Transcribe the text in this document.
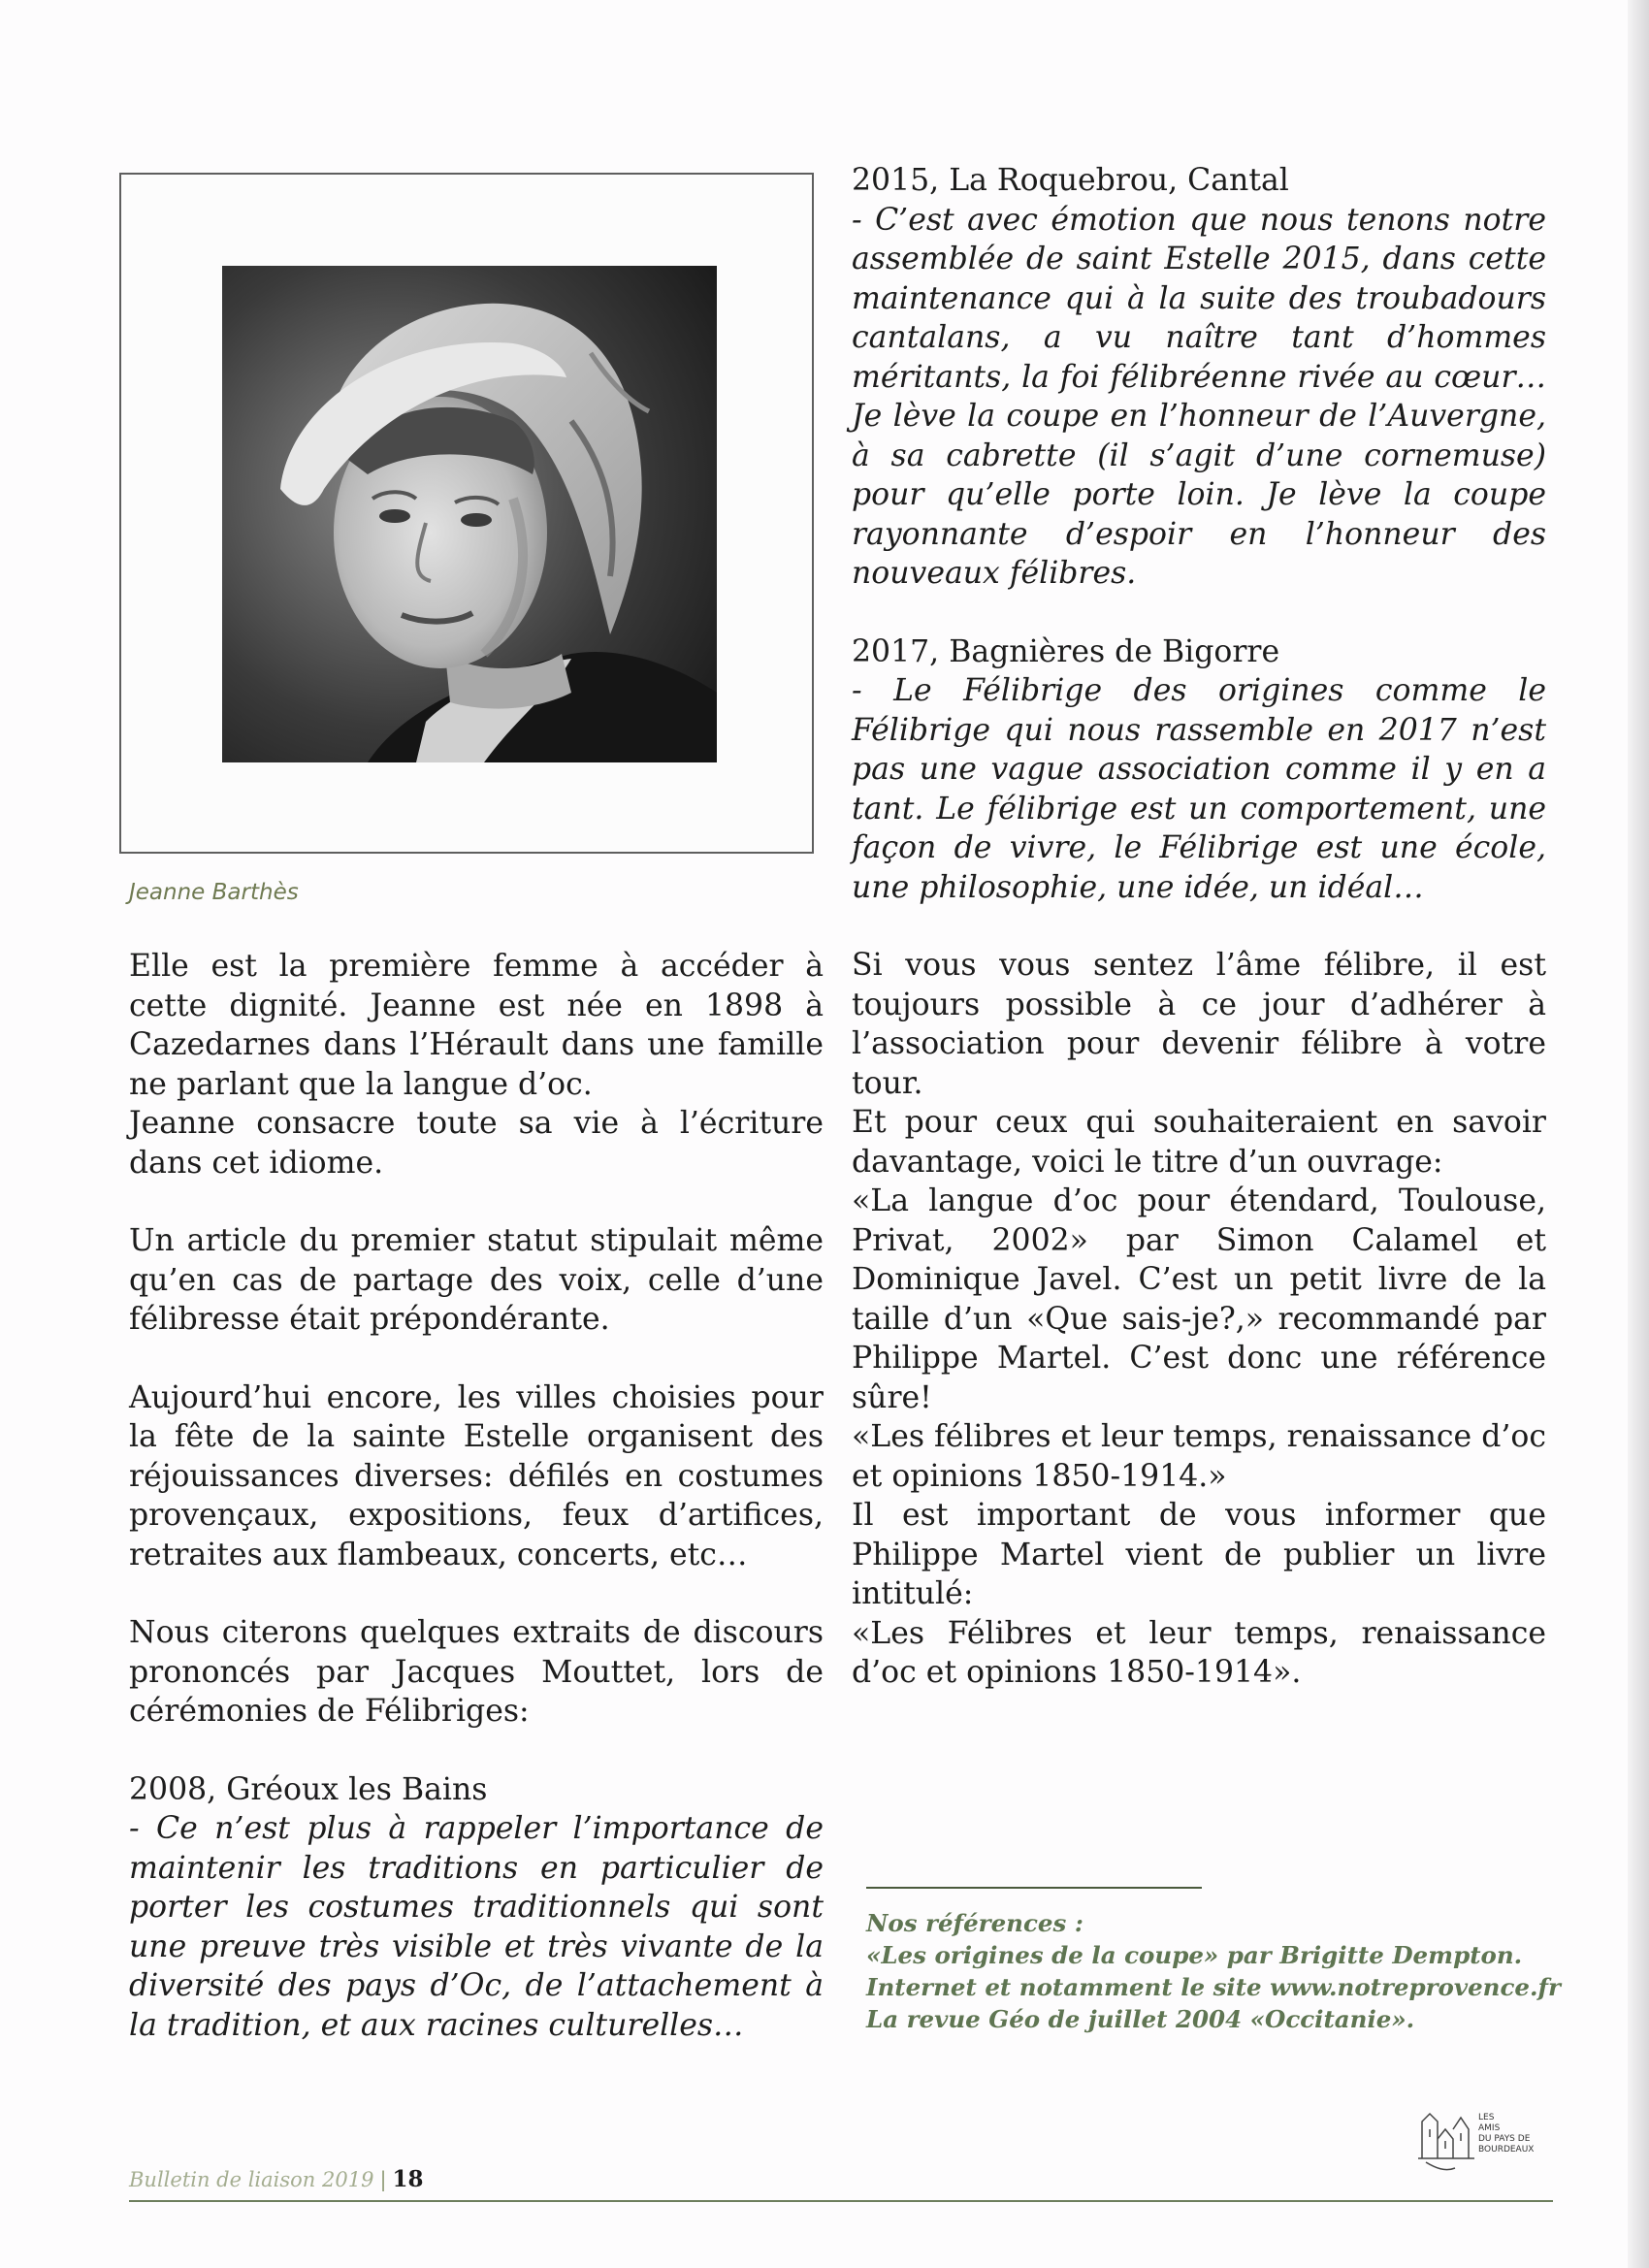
Jeanne Barthès

Elle est la première femme à accéder à cette dignité. Jeanne est née en 1898 à Cazedarnes dans l’Hérault dans une famille ne parlant que la langue d’oc.

Jeanne consacre toute sa vie à l’écriture dans cet idiome.

Un article du premier statut stipulait même qu’en cas de partage des voix, celle d’une félibresse était prépondérante.

Aujourd’hui encore, les villes choisies pour la fête de la sainte Estelle organisent des réjouissances diverses: défilés en costumes provençaux, expositions, feux d’artifices, retraites aux flambeaux, concerts, etc…

Nous citerons quelques extraits de discours prononcés par Jacques Mouttet, lors de cérémonies de Félibriges:

2008, Gréoux les Bains

- Ce n’est plus à rappeler l’importance de maintenir les traditions en particulier de porter les costumes traditionnels qui sont une preuve très visible et très vivante de la diversité des pays d’Oc, de l’attachement à la tradition, et aux racines culturelles…

2015, La Roquebrou, Cantal

- C’est avec émotion que nous tenons notre assemblée de saint Estelle 2015, dans cette maintenance qui à la suite des troubadours cantalans, a vu naître tant d’hommes méritants, la foi félibréenne rivée au cœur… Je lève la coupe en l’honneur de l’Auvergne, à sa cabrette (il s’agit d’une cornemuse) pour qu’elle porte loin. Je lève la coupe rayonnante d’espoir en l’honneur des nouveaux félibres.

2017, Bagnières de Bigorre

- Le Félibrige des origines comme le Félibrige qui nous rassemble en 2017 n’est pas une vague association comme il y en a tant. Le félibrige est un comportement, une façon de vivre, le Félibrige est une école, une philosophie, une idée, un idéal…

Si vous vous sentez l’âme félibre, il est toujours possible à ce jour d’adhérer à l’association pour devenir félibre à votre tour.

Et pour ceux qui souhaiteraient en savoir davantage, voici le titre d’un ouvrage:

«La langue d’oc pour étendard, Toulouse, Privat, 2002» par Simon Calamel et Dominique Javel. C’est un petit livre de la taille d’un «Que sais-je?,» recommandé par Philippe Martel. C’est donc une référence sûre!

«Les félibres et leur temps, renaissance d’oc et opinions 1850-1914.»

Il est important de vous informer que Philippe Martel vient de publier un livre intitulé:

«Les Félibres et leur temps, renaissance d’oc et opinions 1850-1914».

Nos références :

«Les origines de la coupe» par Brigitte Dempton.

Internet et notamment le site www.notreprovence.fr

La revue Géo de juillet 2004 «Occitanie».

LES
AMIS
DU PAYS DE
BOURDEAUX
Bulletin de liaison 2019 | 18
